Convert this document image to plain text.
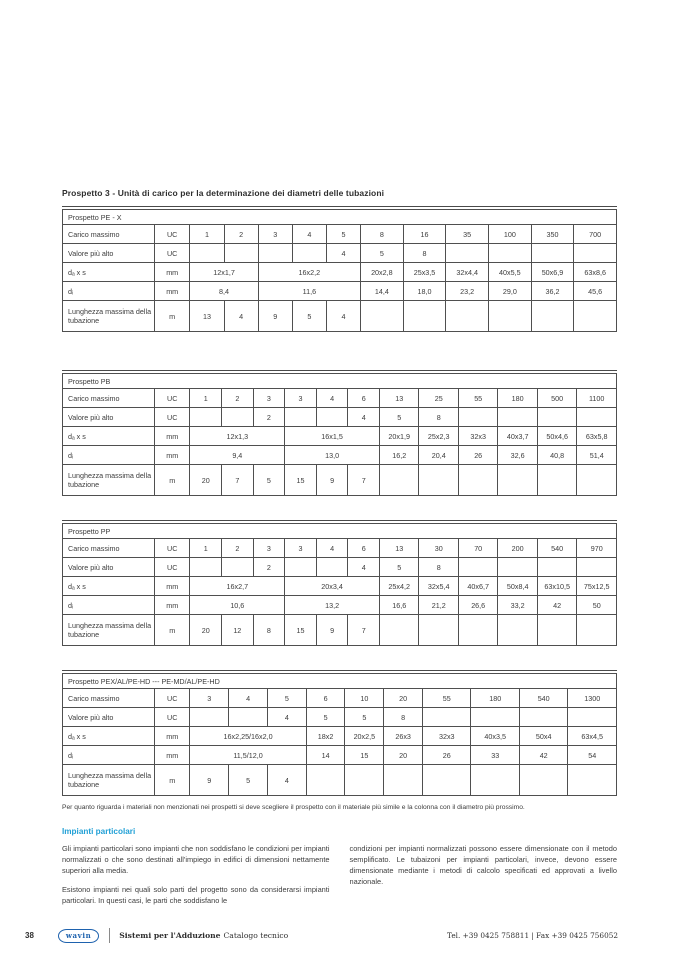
Prospetto 3 - Unità di carico per la determinazione dei diametri delle tubazioni
Prospetto PE - X												
Carico massimo	UC	1	2	3	4	5	8	16	35	100	350	700
Valore più alto	UC					4	5	8				
dₐ x s	mm	12x1,7		16x2,2			20x2,8	25x3,5	32x4,4	40x5,5	50x6,9	63x8,6
dᵢ	mm	8,4		11,6			14,4	18,0	23,2	29,0	36,2	45,6
Lunghezza massima della tubazione	m	13	4	9	5	4						
Prospetto PB													
Carico massimo	UC	1	2	3	3	4	6	13	25	55	180	500	1100
Valore più alto	UC			2			4	5	8				
dₐ x s	mm	12x1,3			16x1,5			20x1,9	25x2,3	32x3	40x3,7	50x4,6	63x5,8
dᵢ	mm	9,4			13,0			16,2	20,4	26	32,6	40,8	51,4
Lunghezza massima della tubazione	m	20	7	5	15	9	7						
Prospetto PP													
Carico massimo	UC	1	2	3	3	4	6	13	30	70	200	540	970
Valore più alto	UC			2			4	5	8				
dₐ x s	mm	16x2,7			20x3,4			25x4,2	32x5,4	40x6,7	50x8,4	63x10,5	75x12,5
dᵢ	mm	10,6			13,2			16,6	21,2	26,6	33,2	42	50
Lunghezza massima della tubazione	m	20	12	8	15	9	7						
Prospetto PEX/AL/PE-HD --- PE-MD/AL/PE-HD											
Carico massimo	UC	3	4	5	6	10	20	55	180	540	1300
Valore più alto	UC			4	5	5	8				
dₐ x s	mm	16x2,25/16x2,0			18x2	20x2,5	26x3	32x3	40x3,5	50x4	63x4,5
dᵢ	mm	11,5/12,0			14	15	20	26	33	42	54
Lunghezza massima della tubazione	m	9	5	4							

Per quanto riguarda i materiali non menzionati nei prospetti si deve scegliere il prospetto con il materiale più simile e la colonna con il diametro più prossimo.

Impianti particolari

Gli impianti particolari sono impianti che non soddisfano le condizioni per impianti normalizzati o che sono destinati all'impiego in edifici di dimensioni nettamente superiori alla media.

Esistono impianti nei quali solo parti del progetto sono da considerarsi impianti particolari. In questi casi, le parti che soddisfano le

condizioni per impianti normalizzati possono essere dimensionate con il metodo semplificato. Le tubaizoni per impianti particolari, invece, devono essere dimensionate mediante i metodi di calcolo specificati ed approvati a livello nazionale.

38	wavin	Sistemi per l'Adduzione Catalogo tecnico	Tel. +39 0425 758811 | Fax +39 0425 756052
